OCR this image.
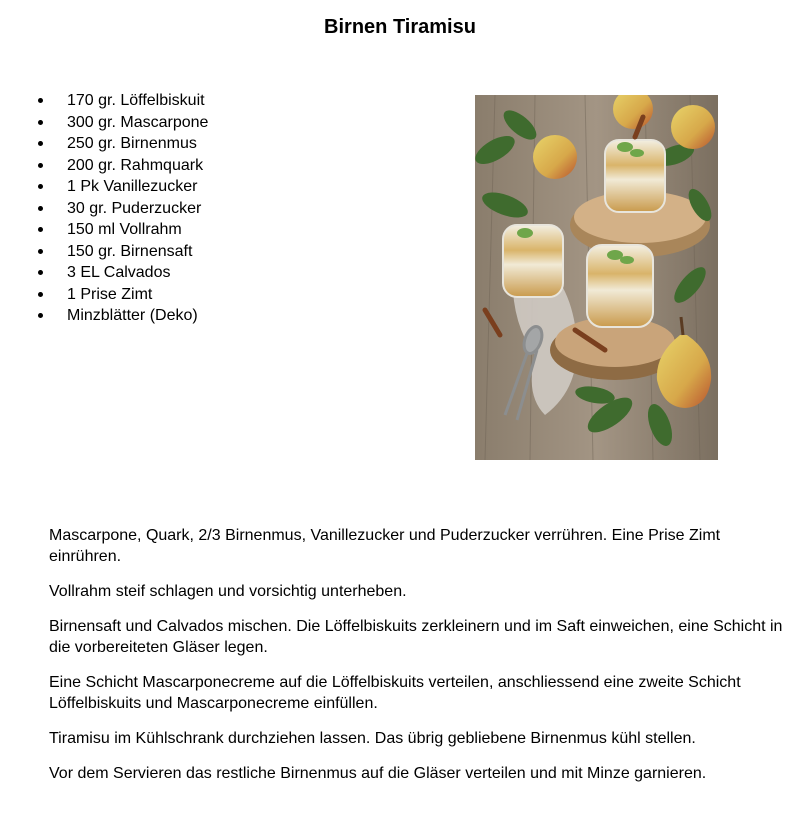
Birnen Tiramisu
170 gr. Löffelbiskuit
300 gr. Mascarpone
250 gr. Birnenmus
200 gr. Rahmquark
1 Pk Vanillezucker
30 gr. Puderzucker
150 ml Vollrahm
150 gr. Birnensaft
3 EL Calvados
1 Prise Zimt
Minzblätter (Deko)

Mascarpone, Quark, 2/3 Birnenmus, Vanillezucker und Puderzucker verrühren. Eine Prise Zimt einrühren.

Vollrahm steif schlagen und vorsichtig unterheben.

Birnensaft und Calvados mischen. Die Löffelbiskuits zerkleinern und im Saft einweichen, eine Schicht in die vorbereiteten Gläser legen.

Eine Schicht Mascarponecreme auf die Löffelbiskuits verteilen, anschliessend eine zweite Schicht Löffelbiskuits und Mascarponecreme einfüllen.

Tiramisu im Kühlschrank durchziehen lassen. Das übrig gebliebene Birnenmus kühl stellen.

Vor dem Servieren das restliche Birnenmus auf die Gläser verteilen und mit Minze garnieren.
